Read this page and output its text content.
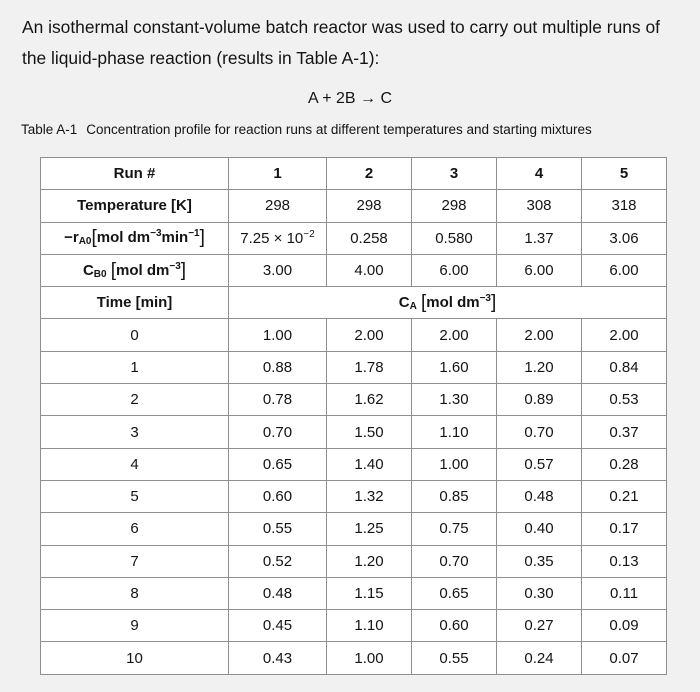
An isothermal constant-volume batch reactor was used to carry out multiple runs of
the liquid-phase reaction (results in Table A-1):

A + 2B → C
Table A-1 Concentration profile for reaction runs at different temperatures and starting mixtures
Run #	1	2	3	4	5
Temperature [K]	298	298	298	308	318
$-r_{A0}[mol$ $dm^{-3}\min^{-1}$]	$7.25 \times 10^{-2}$	0.258	0.580	1.37	3.06
$C_{B0}$ [mol $dm^{-3}$]	3.00	4.00	6.00	6.00	6.00
Time [min]	$C_A$ [mol $dm^{-3}$]				
0	1.00	2.00	2.00	2.00	2.00
1	0.88	1.78	1.60	1.20	0.84
2	0.78	1.62	1.30	0.89	0.53
3	0.70	1.50	1.10	0.70	0.37
4	0.65	1.40	1.00	0.57	0.28
5	0.60	1.32	0.85	0.48	0.21
6	0.55	1.25	0.75	0.40	0.17
7	0.52	1.20	0.70	0.35	0.13
8	0.48	1.15	0.65	0.30	0.11
9	0.45	1.10	0.60	0.27	0.09
10	0.43	1.00	0.55	0.24	0.07
